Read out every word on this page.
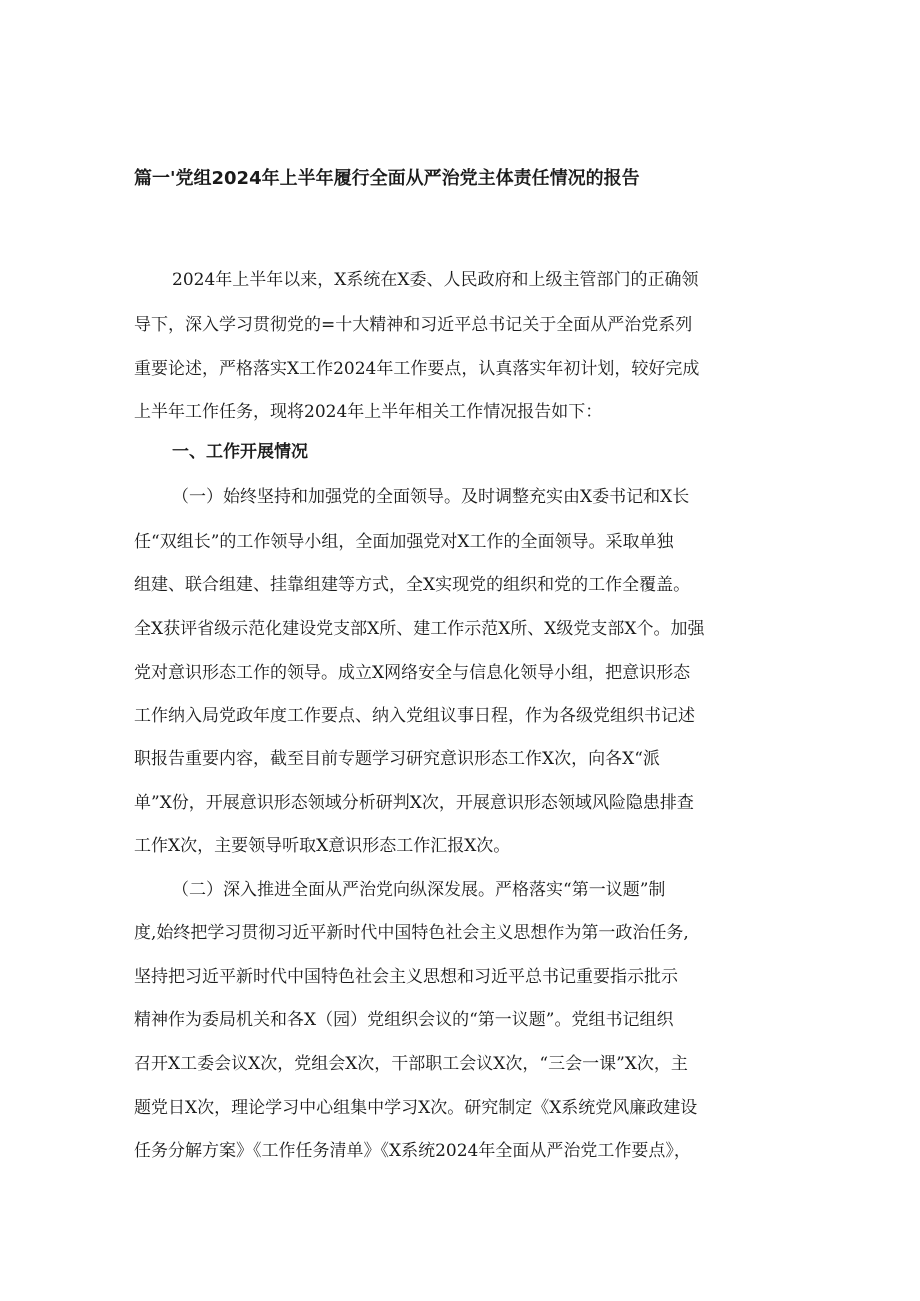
篇一'党组2024年上半年履行全面从严治党主体责任情况的报告

2024年上半年以来，X系统在X委、人民政府和上级主管部门的正确领

导下，深入学习贯彻党的=十大精神和习近平总书记关于全面从严治党系列

重要论述，严格落实X工作2024年工作要点，认真落实年初计划，较好完成

上半年工作任务，现将2024年上半年相关工作情况报告如下：

一、工作开展情况

（一）始终坚持和加强党的全面领导。及时调整充实由X委书记和X长

任“双组长”的工作领导小组，全面加强党对X工作的全面领导。采取单独

组建、联合组建、挂靠组建等方式，全X实现党的组织和党的工作全覆盖。

全X获评省级示范化建设党支部X所、建工作示范X所、X级党支部X个。加强

党对意识形态工作的领导。成立X网络安全与信息化领导小组，把意识形态

工作纳入局党政年度工作要点、纳入党组议事日程，作为各级党组织书记述

职报告重要内容，截至目前专题学习研究意识形态工作X次，向各X“派

单”X份，开展意识形态领域分析研判X次，开展意识形态领域风险隐患排查

工作X次，主要领导听取X意识形态工作汇报X次。

（二）深入推进全面从严治党向纵深发展。严格落实“第一议题”制

度,始终把学习贯彻习近平新时代中国特色社会主义思想作为第一政治任务,

坚持把习近平新时代中国特色社会主义思想和习近平总书记重要指示批示

精神作为委局机关和各X（园）党组织会议的“第一议题”。党组书记组织

召开X工委会议X次，党组会X次，干部职工会议X次，“三会一课”X次，主

题党日X次，理论学习中心组集中学习X次。研究制定《X系统党风廉政建设

任务分解方案》《工作任务清单》《X系统2024年全面从严治党工作要点》，
